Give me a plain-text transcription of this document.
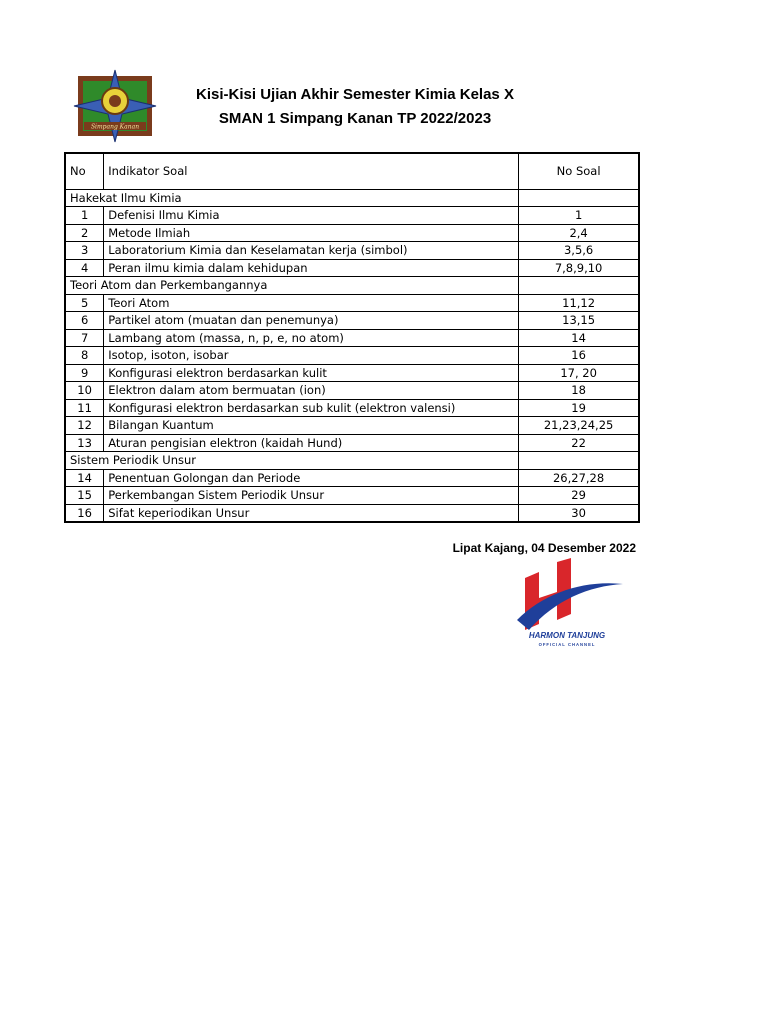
Simpang Kanan
Kisi-Kisi Ujian Akhir Semester Kimia Kelas X
SMAN 1 Simpang Kanan TP 2022/2023
No	Indikator Soal	No Soal
Hakekat Ilmu Kimia		
1	Defenisi Ilmu Kimia	1
2	Metode Ilmiah	2,4
3	Laboratorium Kimia dan Keselamatan kerja (simbol)	3,5,6
4	Peran ilmu kimia dalam kehidupan	7,8,9,10
Teori Atom dan Perkembangannya		
5	Teori Atom	11,12
6	Partikel atom (muatan dan penemunya)	13,15
7	Lambang atom (massa, n, p, e, no atom)	14
8	Isotop, isoton, isobar	16
9	Konfigurasi elektron berdasarkan kulit	17, 20
10	Elektron dalam atom bermuatan (ion)	18
11	Konfigurasi elektron berdasarkan sub kulit (elektron valensi)	19
12	Bilangan Kuantum	21,23,24,25
13	Aturan pengisian elektron (kaidah Hund)	22
Sistem Periodik Unsur		
14	Penentuan Golongan dan Periode	26,27,28
15	Perkembangan Sistem Periodik Unsur	29
16	Sifat keperiodikan Unsur	30
Lipat Kajang, 04 Desember 2022
HARMON TANJUNG
OFFICIAL CHANNEL
